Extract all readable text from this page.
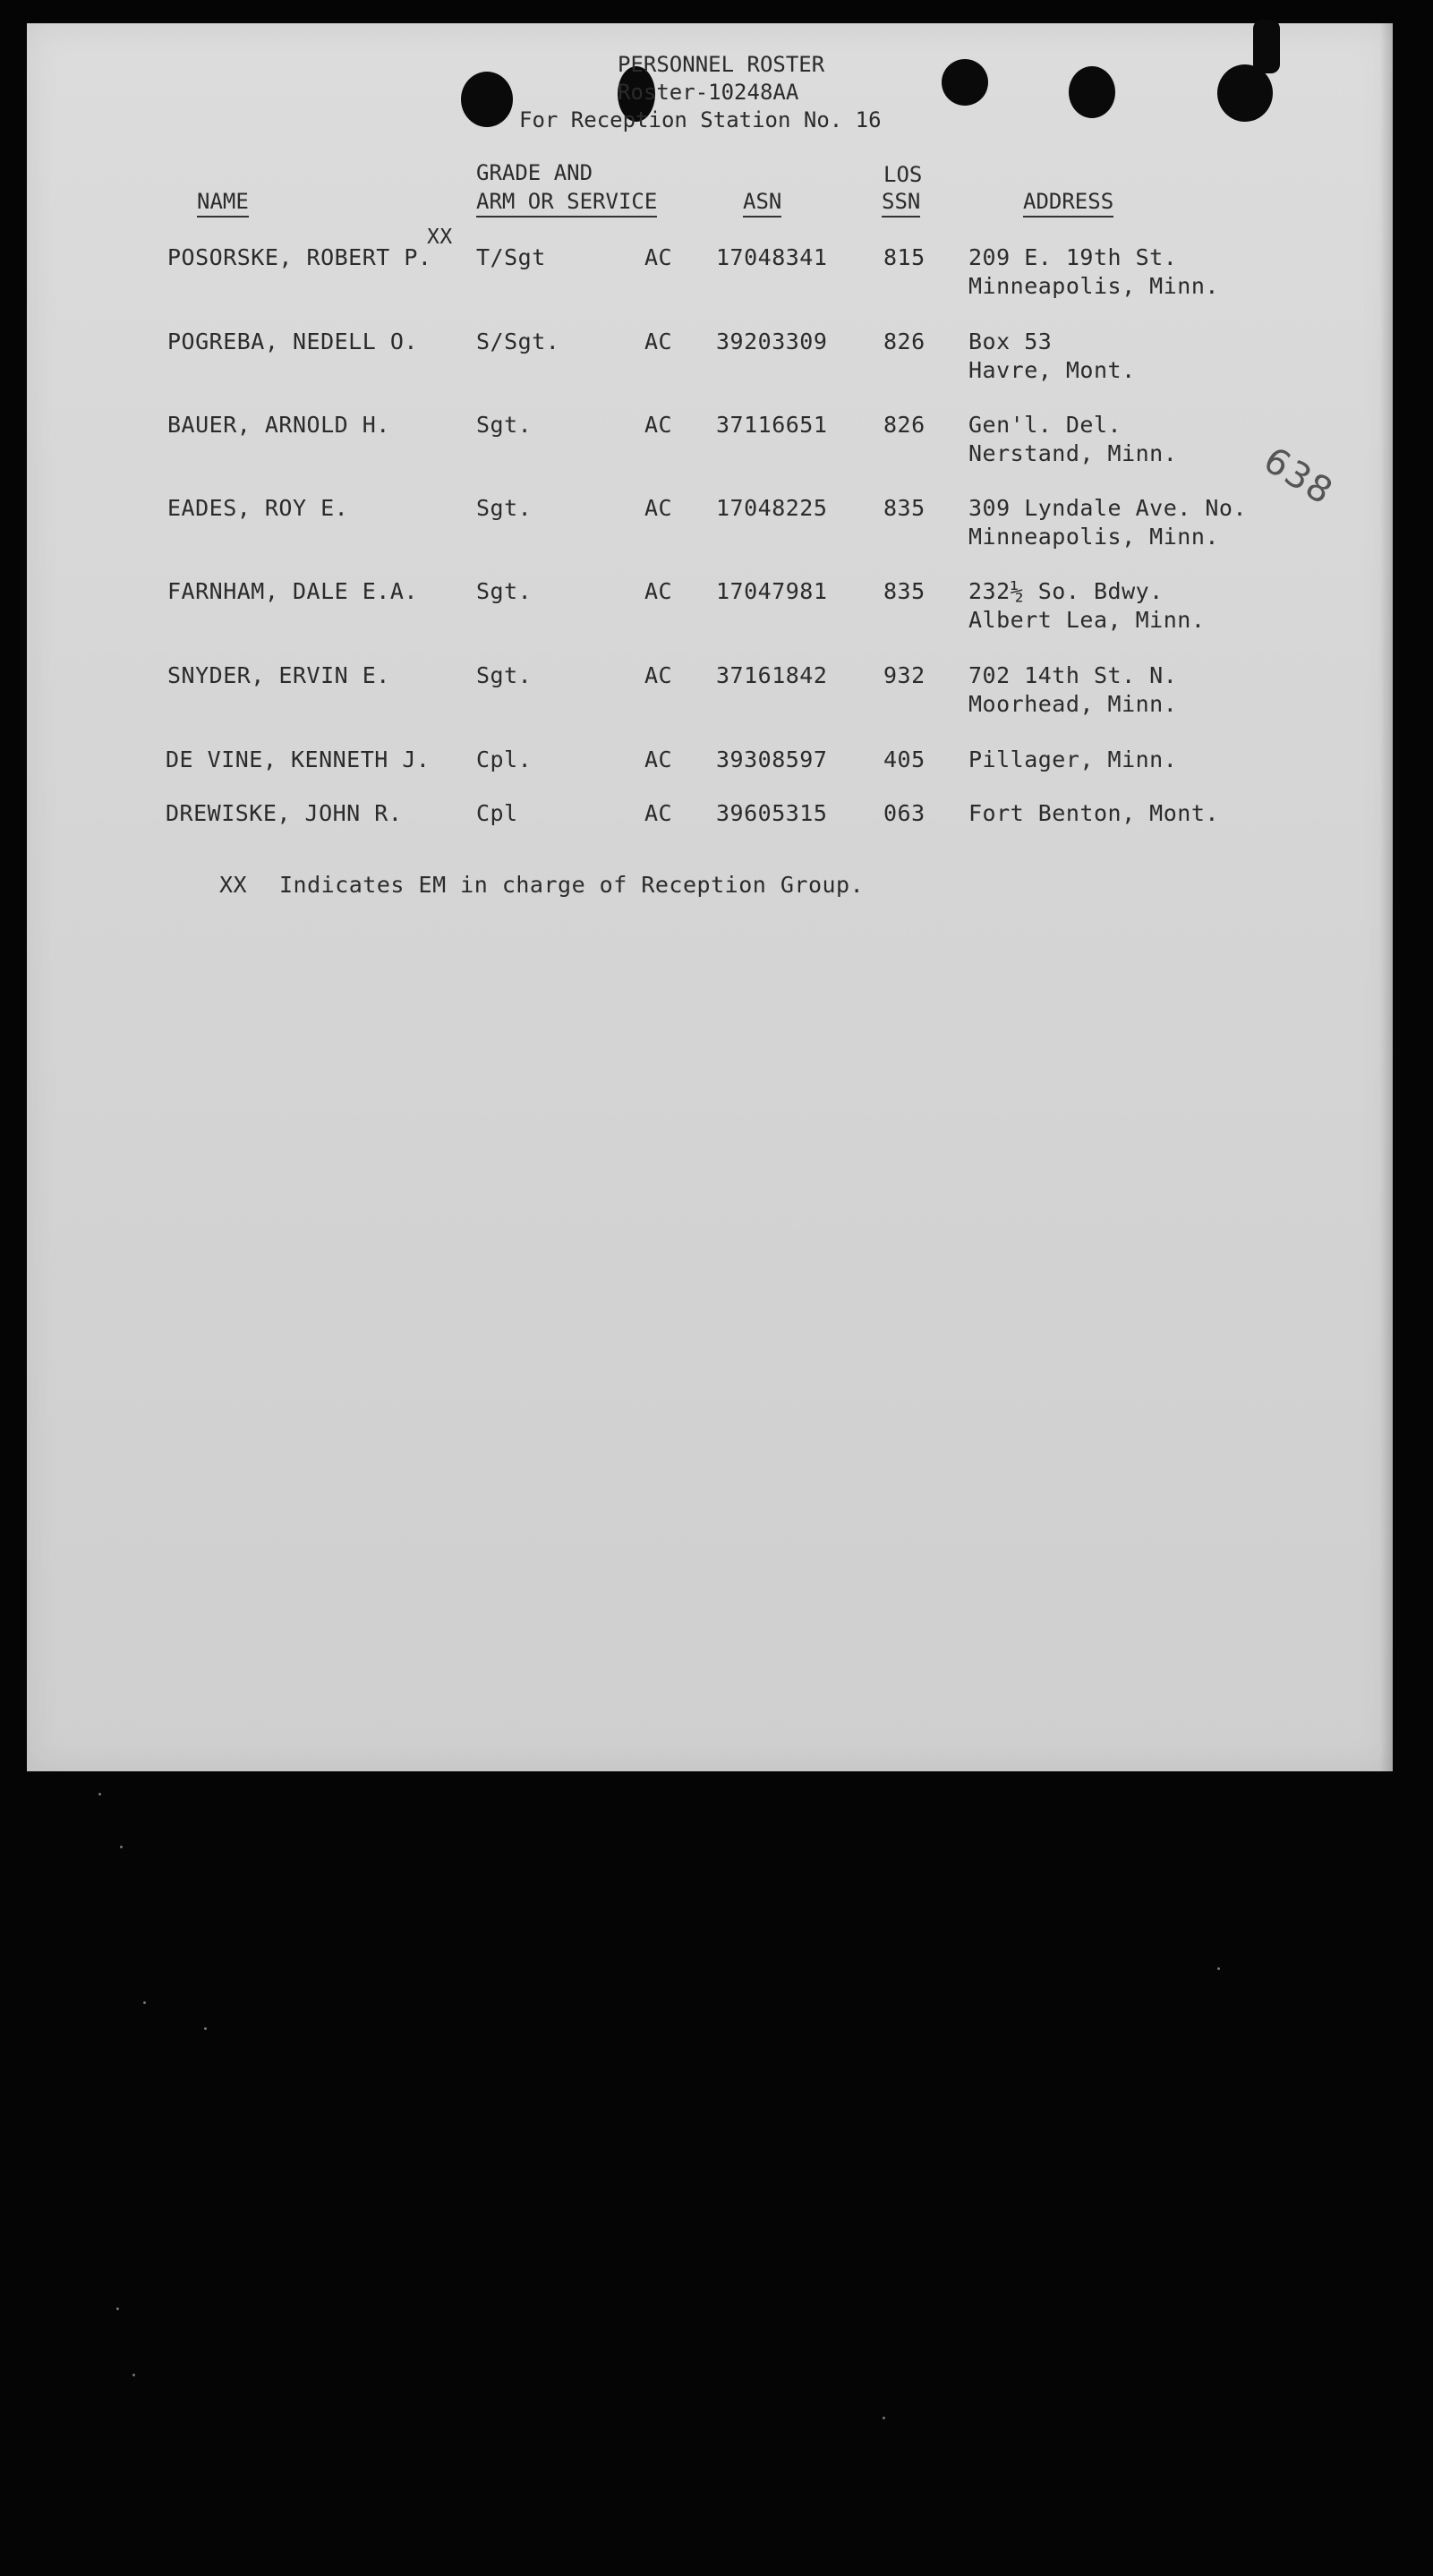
PERSONNEL ROSTER
Roster-10248AA
For Reception Station No. 16
GRADE AND	LOS
NAME	ARM OR SERVICE	ASN	SSN	ADDRESS
XX
POSORSKE, ROBERT P. T/Sgt	AC 17048341	815 209 E. 19th St.
Minneapolis, Minn.
POGREBA, NEDELL O.	S/Sgt.	AC 39203309	826 Box 53
Havre, Mont.
BAUER, ARNOLD H.	Sgt.	AC 37116651	826 Gen'l. Del.
Nerstand, Minn.
EADES, ROY E.	Sgt.	AC 17048225	835 309 Lyndale Ave. No.
Minneapolis, Minn.
FARNHAM, DALE E.A.	Sgt.	AC 17047981	835 232½ So. Bdwy.
Albert Lea, Minn.
SNYDER, ERVIN E.	Sgt.	AC 37161842	932 702 14th St. N.
Moorhead, Minn.
DE VINE, KENNETH J. Cpl.	AC 39308597	405 Pillager, Minn.
DREWISKE, JOHN R.	Cpl	AC 39605315	063 Fort Benton, Mont.
XX Indicates EM in charge of Reception Group.
638
